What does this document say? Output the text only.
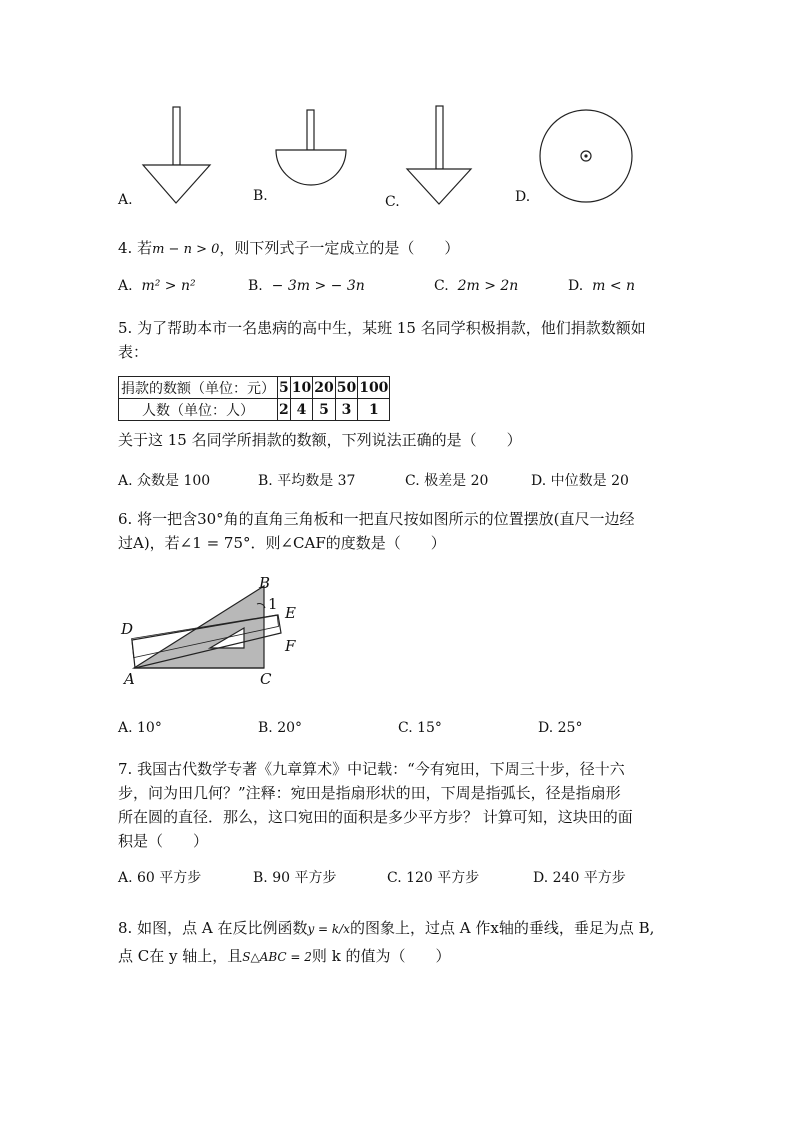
A.	B.	C.	D.
4. 若m − n > 0，则下列式子一定成立的是（　　）
A. m² > n²	B. − 3m > − 3n	C. 2m > 2n	D. m < n
5. 为了帮助本市一名患病的高中生，某班 15 名同学积极捐款，他们捐款数额如
表：
捐款的数额（单位：元）	5	10	20	50	100
人数（单位：人）	2	4	5	3	1
关于这 15 名同学所捐款的数额，下列说法正确的是（　　）
A. 众数是 100	B. 平均数是 37	C. 极差是 20	D. 中位数是 20
6. 将一把含30°角的直角三角板和一把直尺按如图所示的位置摆放(直尺一边经
过A)，若∠1 = 75°．则∠CAF的度数是（　　）
B
1 E
D
F
A	C
A. 10°	B. 20°	C. 15°	D. 25°
7. 我国古代数学专著《九章算术》中记载：“今有宛田，下周三十步，径十六
步，问为田几何？”注释：宛田是指扇形状的田，下周是指弧长，径是指扇形
所在圆的直径．那么，这口宛田的面积是多少平方步？ 计算可知，这块田的面
积是（　　）
A. 60 平方步	B. 90 平方步	C. 120 平方步	D. 240 平方步
8. 如图，点 A 在反比例函数y = k/x的图象上，过点 A 作x轴的垂线，垂足为点 B,
点 C在 y 轴上，且S△ABC = 2则 k 的值为（　　）
